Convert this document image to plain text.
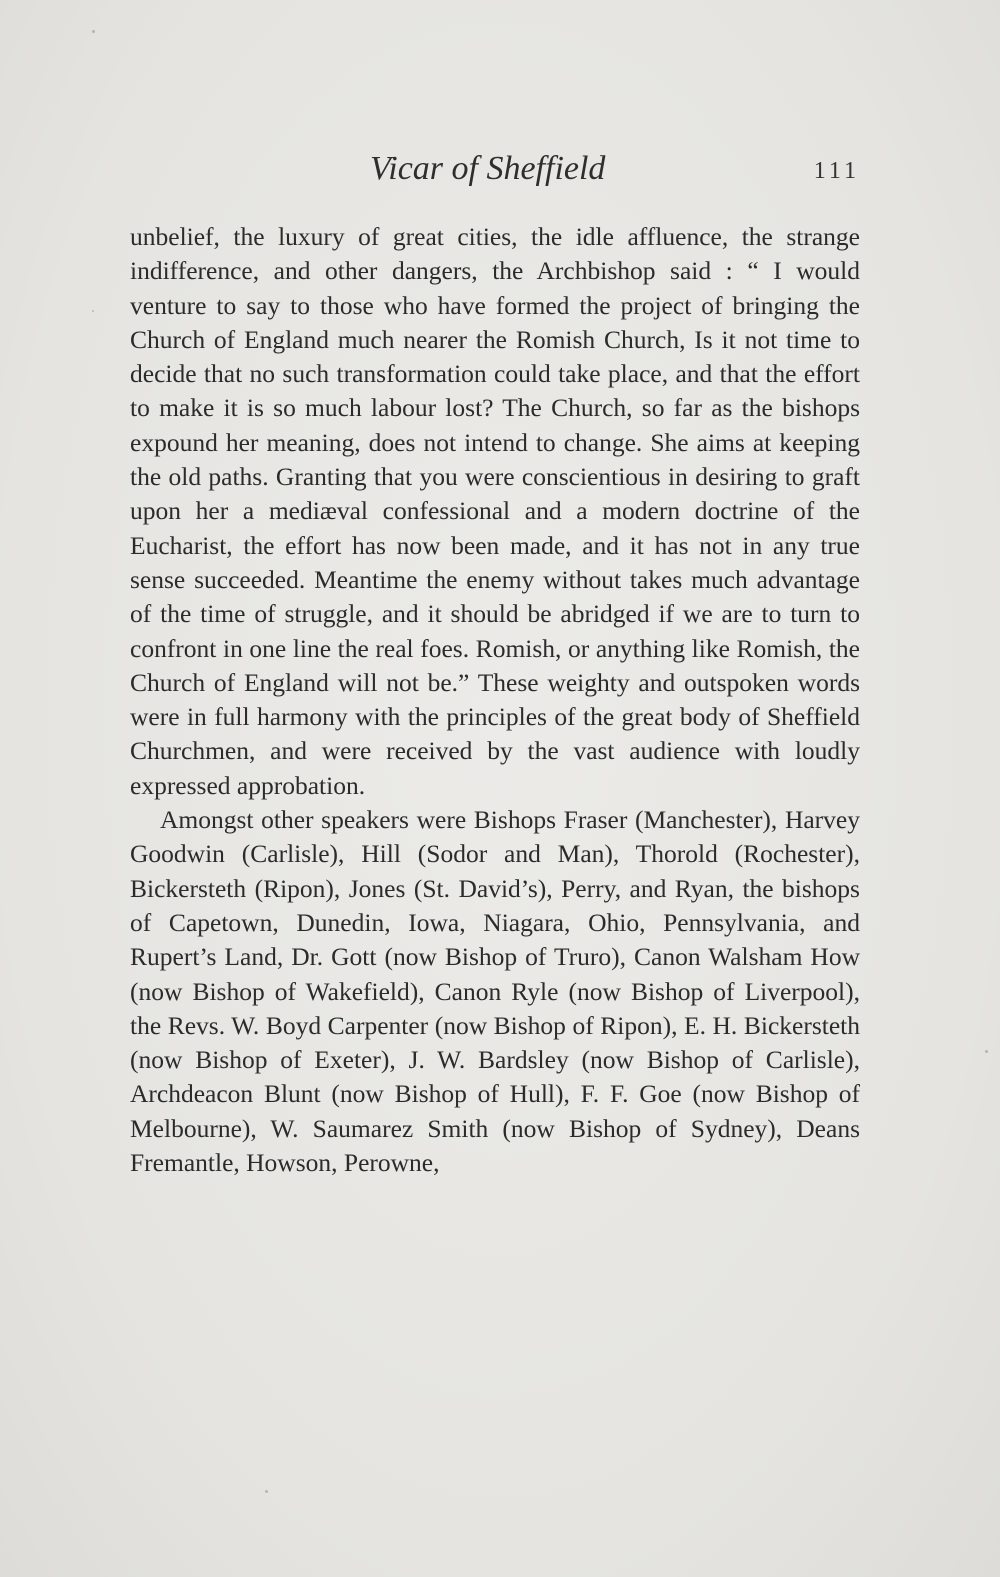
Vicar of Sheffield	111

unbelief, the luxury of great cities, the idle affluence, the strange indifference, and other dangers, the Archbishop said : “ I would venture to say to those who have formed the project of bringing the Church of England much nearer the Romish Church, Is it not time to decide that no such transformation could take place, and that the effort to make it is so much labour lost? The Church, so far as the bishops expound her meaning, does not intend to change. She aims at keeping the old paths. Granting that you were conscientious in desiring to graft upon her a mediæval confessional and a modern doctrine of the Eucharist, the effort has now been made, and it has not in any true sense succeeded. Meantime the enemy without takes much advantage of the time of struggle, and it should be abridged if we are to turn to confront in one line the real foes. Romish, or anything like Romish, the Church of England will not be.” These weighty and outspoken words were in full harmony with the principles of the great body of Sheffield Churchmen, and were received by the vast audience with loudly expressed approbation.

Amongst other speakers were Bishops Fraser (Manchester), Harvey Goodwin (Carlisle), Hill (Sodor and Man), Thorold (Rochester), Bickersteth (Ripon), Jones (St. David’s), Perry, and Ryan, the bishops of Capetown, Dunedin, Iowa, Niagara, Ohio, Pennsylvania, and Rupert’s Land, Dr. Gott (now Bishop of Truro), Canon Walsham How (now Bishop of Wakefield), Canon Ryle (now Bishop of Liverpool), the Revs. W. Boyd Carpenter (now Bishop of Ripon), E. H. Bickersteth (now Bishop of Exeter), J. W. Bardsley (now Bishop of Carlisle), Archdeacon Blunt (now Bishop of Hull), F. F. Goe (now Bishop of Melbourne), W. Saumarez Smith (now Bishop of Sydney), Deans Fremantle, Howson, Perowne,
